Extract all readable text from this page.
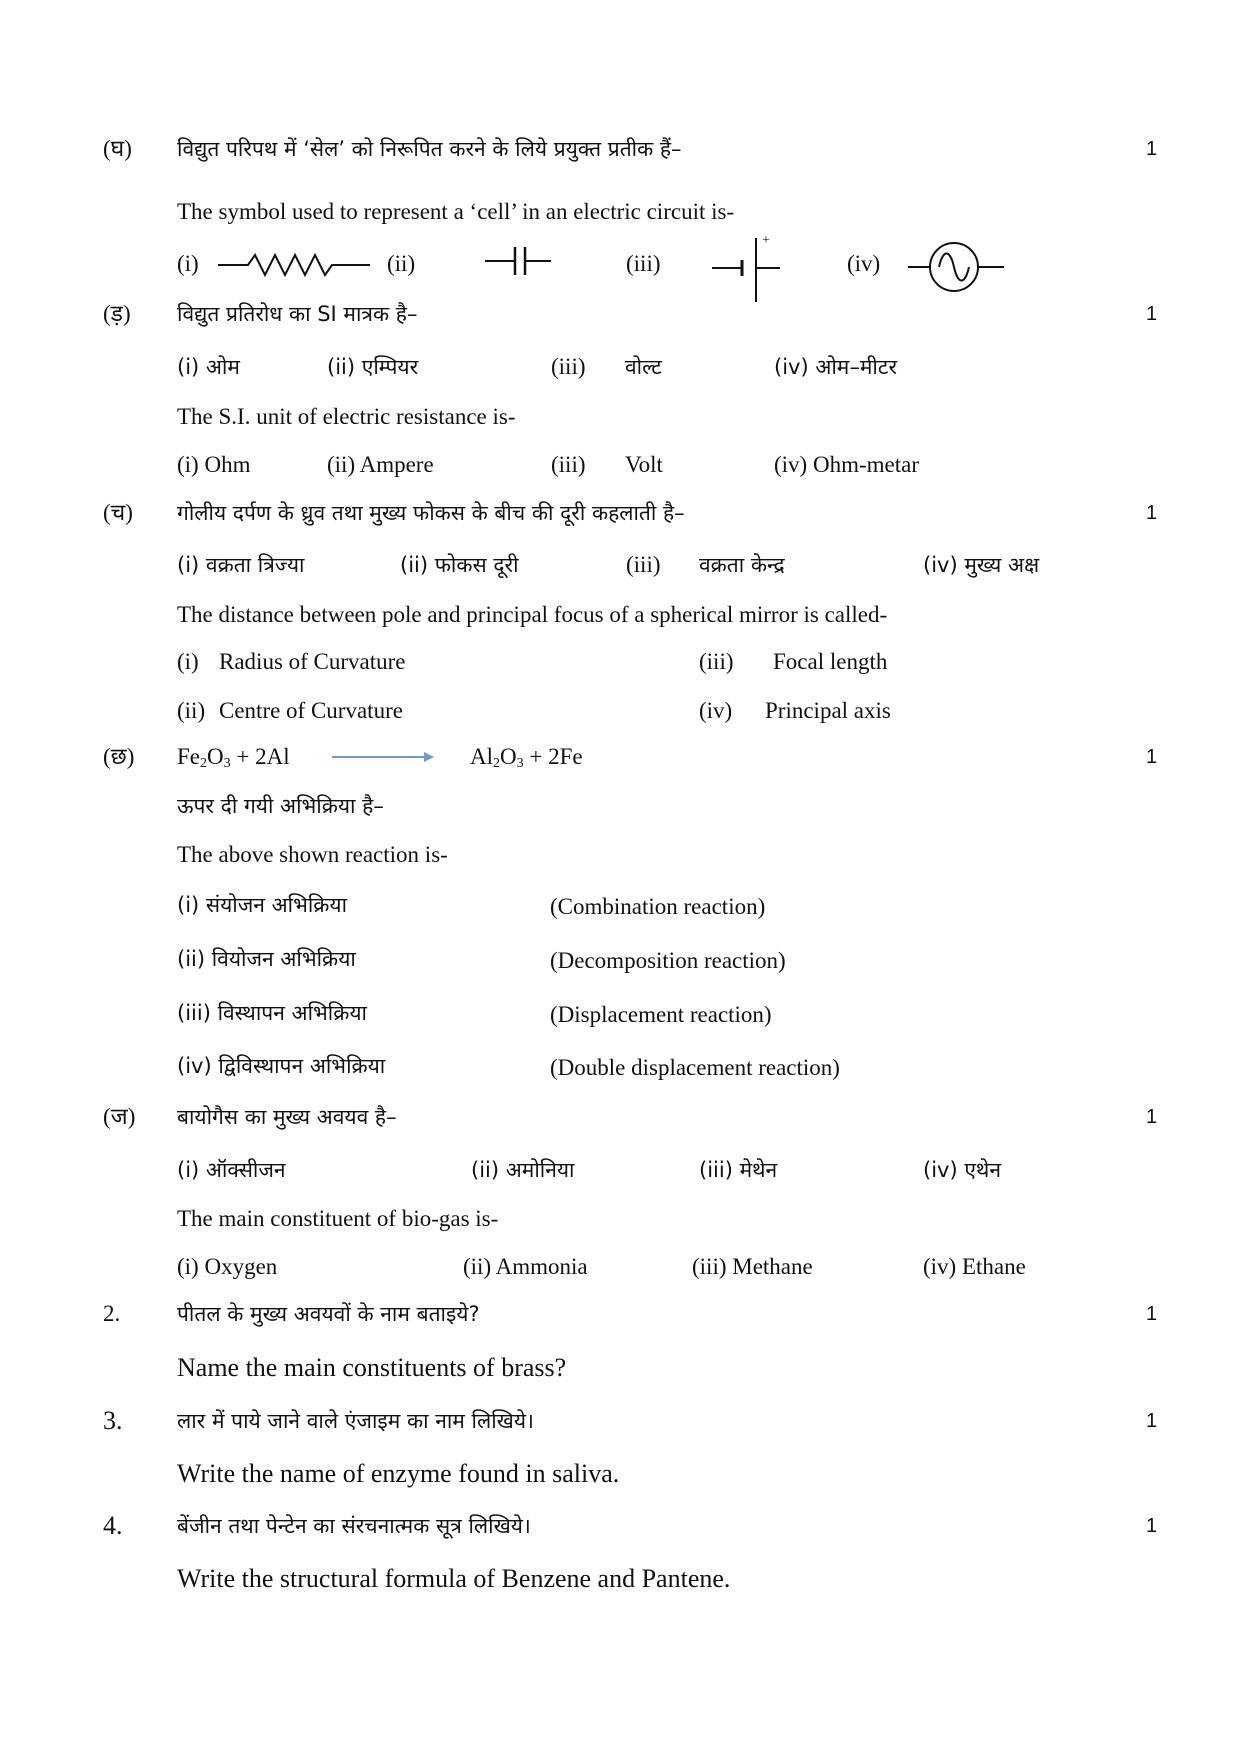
(घ) विद्युत परिपथ में ‘सेल’ को निरूपित करने के लिये प्रयुक्त प्रतीक हैं–	1
The symbol used to represent a ‘cell’ in an electric circuit is-
(i)	(ii)	(iii)
+
(iv)
(ड़) विद्युत प्रतिरोध का SI मात्रक है–	1
(i) ओम	(ii) एम्पियर	(iii) वोल्ट	(iv) ओम–मीटर
The S.I. unit of electric resistance is-
(i) Ohm	(ii) Ampere	(iii) Volt	(iv) Ohm-metar
(च) गोलीय दर्पण के ध्रुव तथा मुख्य फोकस के बीच की दूरी कहलाती है–	1
(i) वक्रता त्रिज्या	(ii) फोकस दूरी	(iii) वक्रता केन्द्र	(iv) मुख्य अक्ष
The distance between pole and principal focus of a spherical mirror is called-
(i) Radius of Curvature	(iii) Focal length
(ii) Centre of Curvature	(iv) Principal axis
(छ) $Fe_2O_3 + 2Al$	$Al_2O_3 + 2Fe$	1
ऊपर दी गयी अभिक्रिया है–
The above shown reaction is-
(i) संयोजन अभिक्रिया	(Combination reaction)
(ii) वियोजन अभिक्रिया	(Decomposition reaction)
(iii) विस्थापन अभिक्रिया	(Displacement reaction)
(iv) द्विविस्थापन अभिक्रिया	(Double displacement reaction)
(ज) बायोगैस का मुख्य अवयव है–	1
(i) ऑक्सीजन	(ii) अमोनिया	(iii) मेथेन	(iv) एथेन
The main constituent of bio-gas is-
(i) Oxygen	(ii) Ammonia	(iii) Methane	(iv) Ethane
2.	पीतल के मुख्य अवयवों के नाम बताइये?	1
Name the main constituents of brass?
3.	लार में पाये जाने वाले एंजाइम का नाम लिखिये।	1
Write the name of enzyme found in saliva.
4.	बेंजीन तथा पेन्टेन का संरचनात्मक सूत्र लिखिये।	1
Write the structural formula of Benzene and Pantene.
